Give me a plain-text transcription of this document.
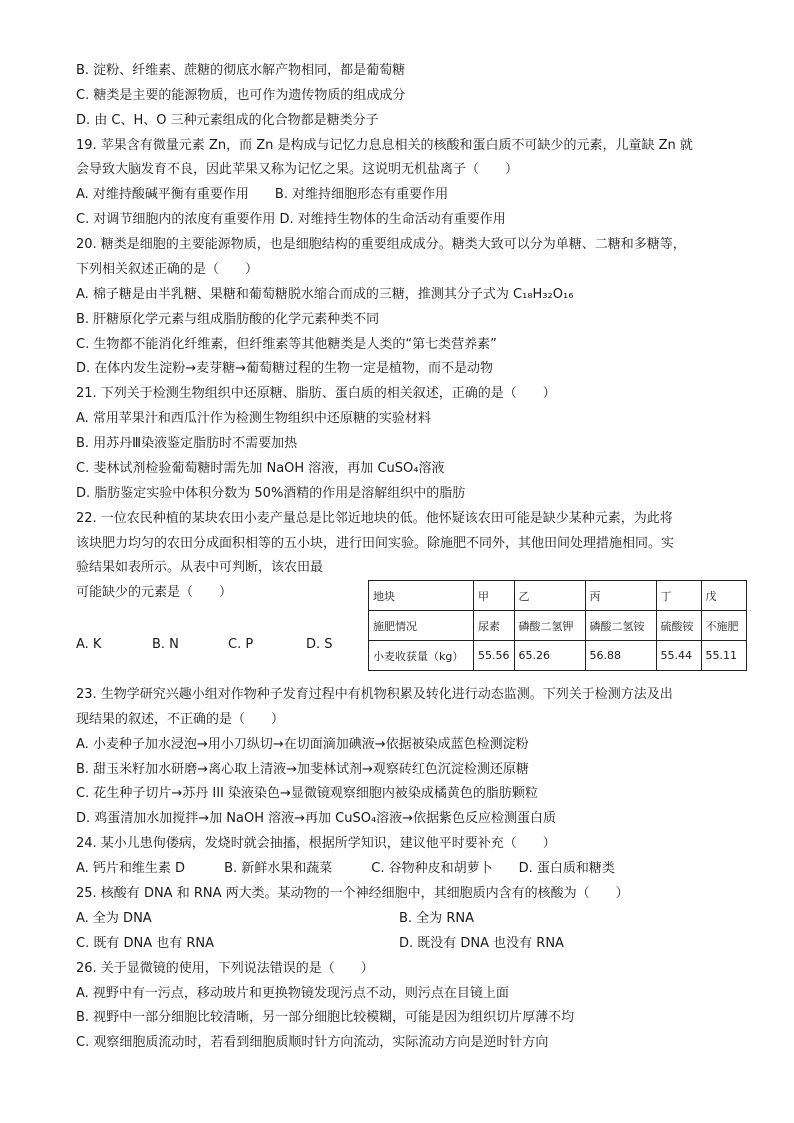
B. 淀粉、纤维素、蔗糖的彻底水解产物相同，都是葡萄糖
C. 糖类是主要的能源物质，也可作为遗传物质的组成成分
D. 由 C、H、O 三种元素组成的化合物都是糖类分子
19. 苹果含有微量元素 Zn，而 Zn 是构成与记忆力息息相关的核酸和蛋白质不可缺少的元素，儿童缺 Zn 就
会导致大脑发育不良，因此苹果又称为记忆之果。这说明无机盐离子（　　）
A. 对维持酸碱平衡有重要作用　　B. 对维持细胞形态有重要作用
C. 对调节细胞内的浓度有重要作用 D. 对维持生物体的生命活动有重要作用
20. 糖类是细胞的主要能源物质，也是细胞结构的重要组成成分。糖类大致可以分为单糖、二糖和多糖等，
下列相关叙述正确的是（　　）
A. 棉子糖是由半乳糖、果糖和葡萄糖脱水缩合而成的三糖，推测其分子式为 C₁₈H₃₂O₁₆
B. 肝糖原化学元素与组成脂肪酸的化学元素种类不同
C. 生物都不能消化纤维素，但纤维素等其他糖类是人类的“第七类营养素”
D. 在体内发生淀粉→麦芽糖→葡萄糖过程的生物一定是植物，而不是动物
21. 下列关于检测生物组织中还原糖、脂肪、蛋白质的相关叙述，正确的是（　　）
A. 常用苹果汁和西瓜汁作为检测生物组织中还原糖的实验材料
B. 用苏丹Ⅲ染液鉴定脂肪时不需要加热
C. 斐林试剂检验葡萄糖时需先加 NaOH 溶液，再加 CuSO₄溶液
D. 脂肪鉴定实验中体积分数为 50%酒精的作用是溶解组织中的脂肪
22. 一位农民种植的某块农田小麦产量总是比邻近地块的低。他怀疑该农田可能是缺少某种元素，为此将
该块肥力均匀的农田分成面积相等的五小块，进行田间实验。除施肥不同外，其他田间处理措施相同。实
验结果如表所示。从表中可判断，该农田最
可能缺少的元素是（　　）
A. K	B. N	C. P	D. S
地块	甲	乙	丙	丁	戊
施肥情况	尿素	磷酸二氢钾	磷酸二氢铵	硫酸铵	不施肥
小麦收获量（kg）	55.56	65.26	56.88	55.44	55.11
23. 生物学研究兴趣小组对作物种子发育过程中有机物积累及转化进行动态监测。下列关于检测方法及出
现结果的叙述，不正确的是（　　）
A. 小麦种子加水浸泡→用小刀纵切→在切面滴加碘液→依据被染成蓝色检测淀粉
B. 甜玉米籽加水研磨→离心取上清液→加斐林试剂→观察砖红色沉淀检测还原糖
C. 花生种子切片→苏丹 III 染液染色→显微镜观察细胞内被染成橘黄色的脂肪颗粒
D. 鸡蛋清加水加搅拌→加 NaOH 溶液→再加 CuSO₄溶液→依据紫色反应检测蛋白质
24. 某小儿患佝偻病，发烧时就会抽搐，根据所学知识，建议他平时要补充（　　）
A. 钙片和维生素 D　　　B. 新鲜水果和蔬菜　　　C. 谷物种皮和胡萝卜　　D. 蛋白质和糖类
25. 核酸有 DNA 和 RNA 两大类。某动物的一个神经细胞中，其细胞质内含有的核酸为（　　）
A. 全为 DNA	B. 全为 RNA
C. 既有 DNA 也有 RNA	D. 既没有 DNA 也没有 RNA
26. 关于显微镜的使用，下列说法错误的是（　　）
A. 视野中有一污点，移动玻片和更换物镜发现污点不动，则污点在目镜上面
B. 视野中一部分细胞比较清晰，另一部分细胞比较模糊，可能是因为组织切片厚薄不均
C. 观察细胞质流动时，若看到细胞质顺时针方向流动，实际流动方向是逆时针方向
